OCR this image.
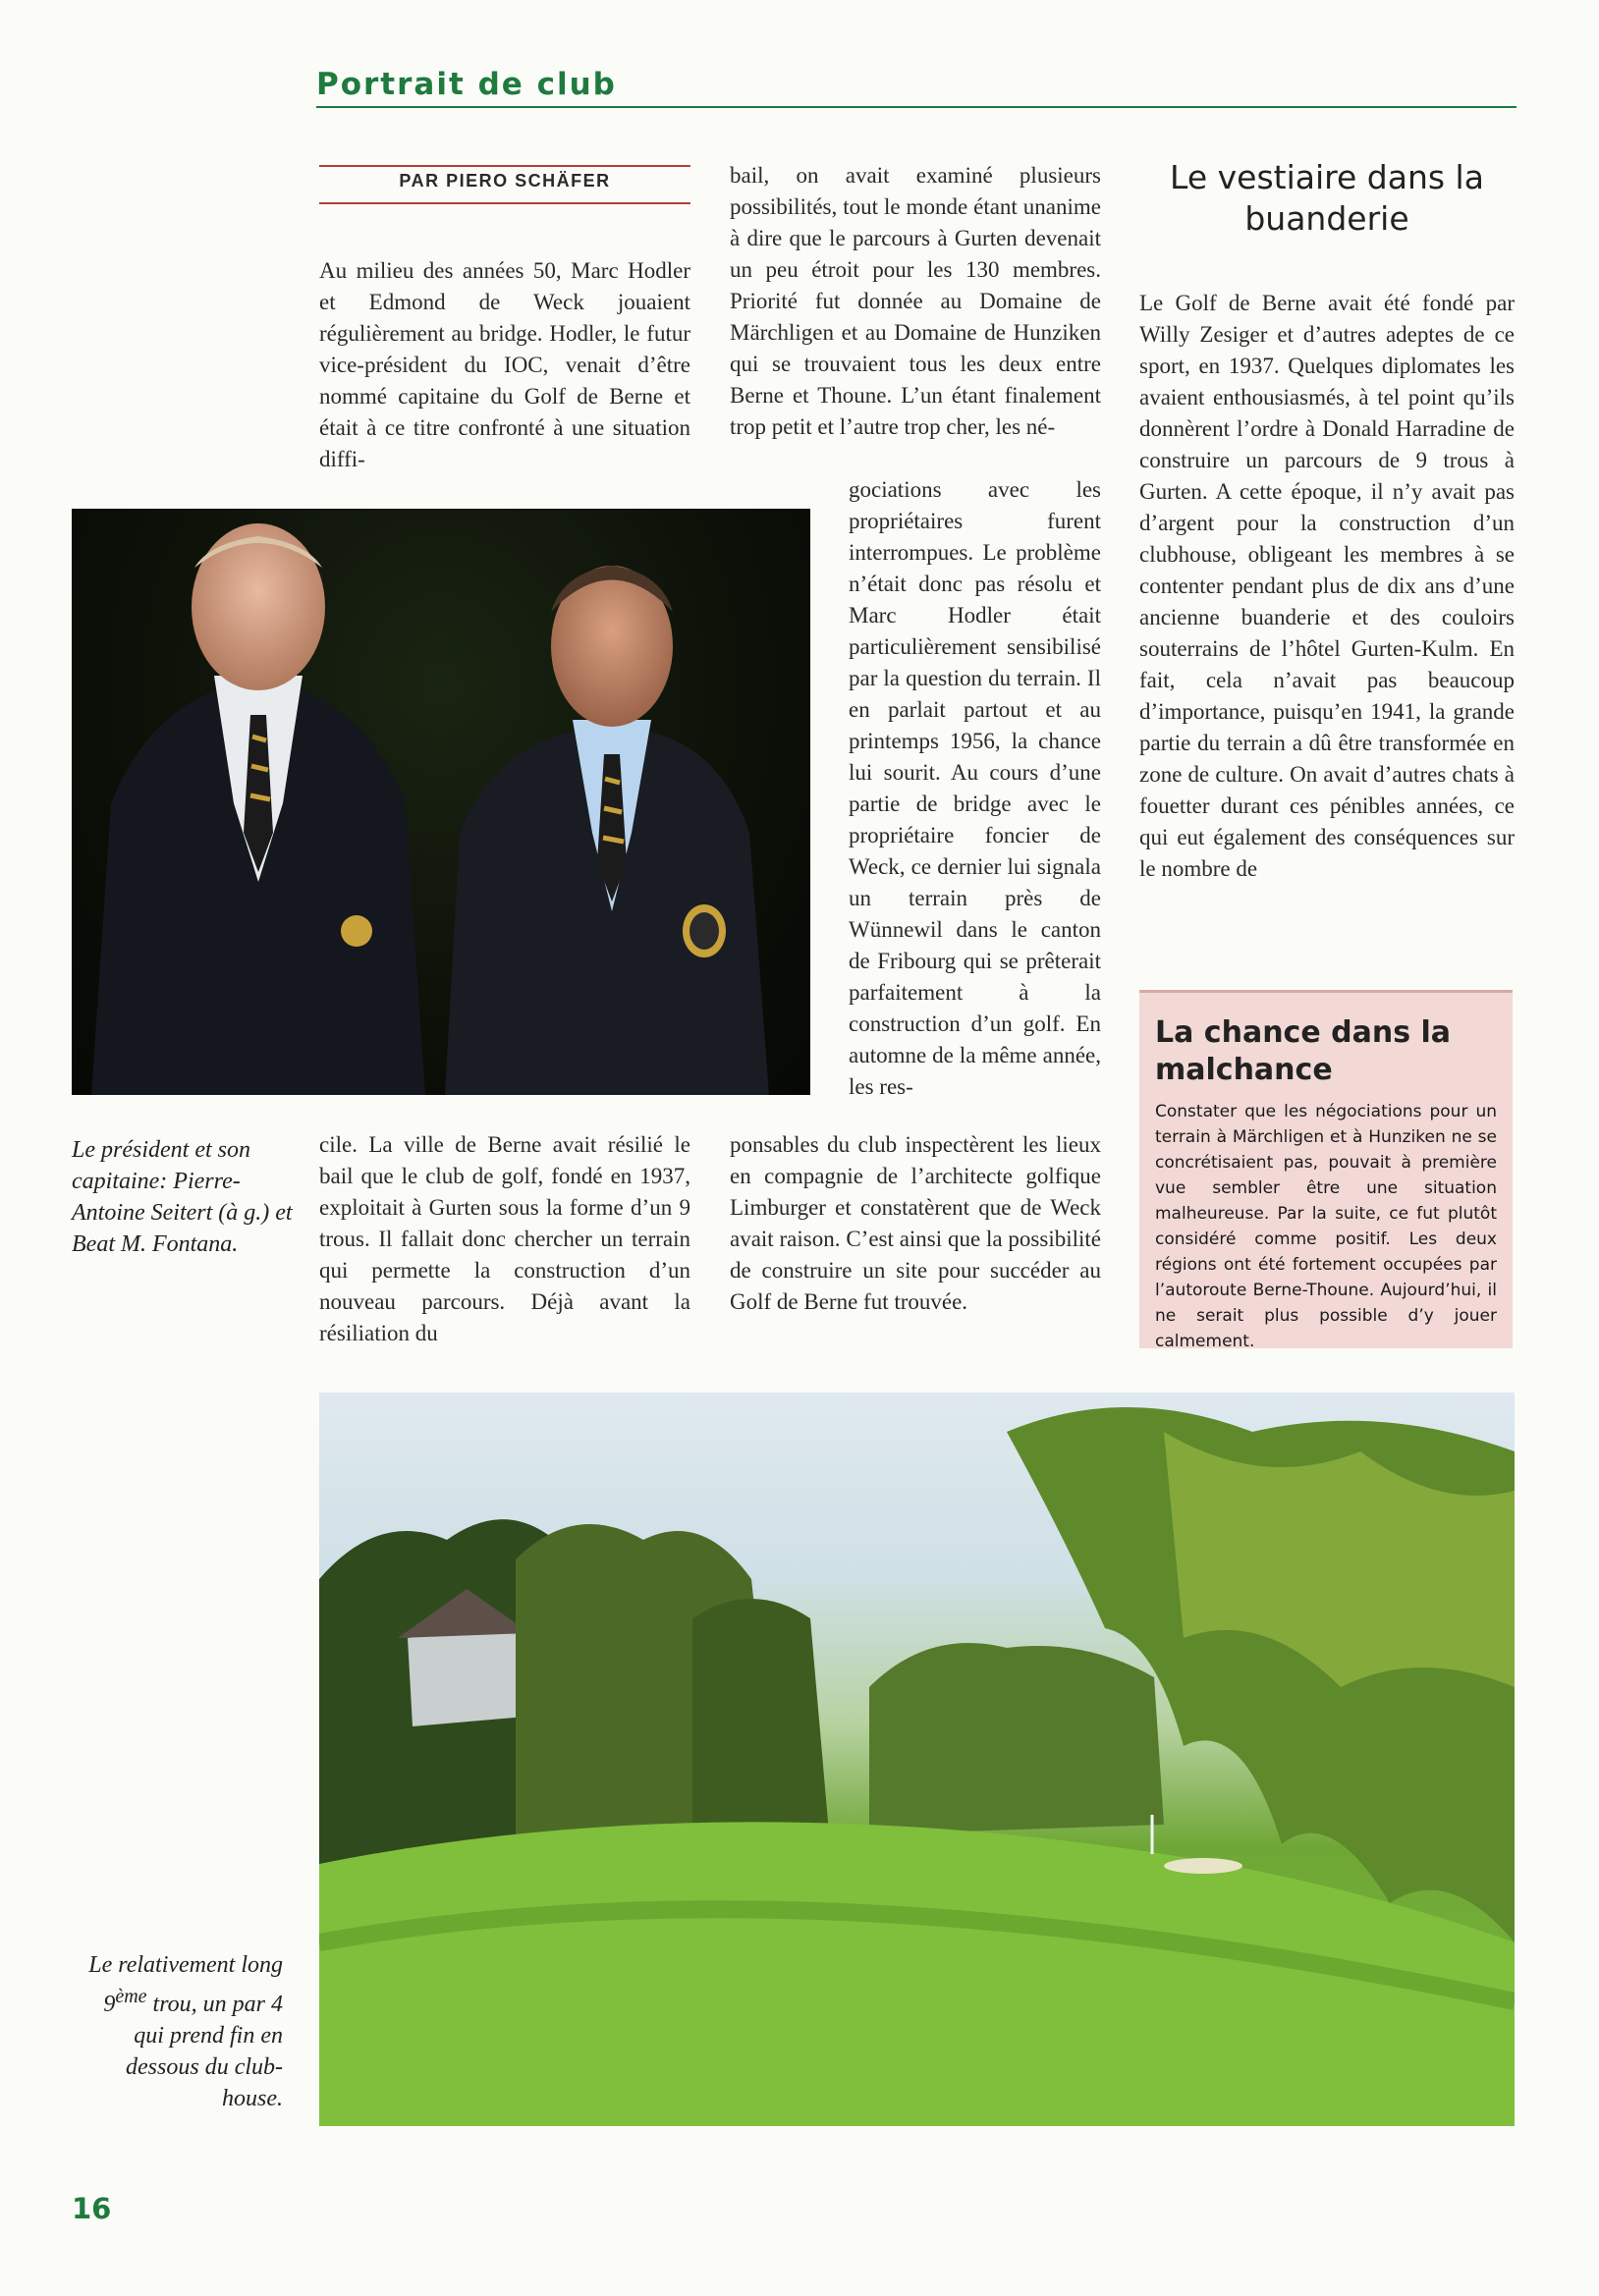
Portrait de club
PAR PIERO SCHÄFER

Au milieu des années 50, Marc Hodler et Edmond de Weck jouaient régulièrement au bridge. Hodler, le futur vice-président du IOC, venait d’être nommé capitaine du Golf de Berne et était à ce titre confronté à une situation diffi-

Le président et son capitaine: Pierre-Antoine Seitert (à g.) et Beat M. Fontana.

cile. La ville de Berne avait résilié le bail que le club de golf, fondé en 1937, exploitait à Gurten sous la forme d’un 9 trous. Il fallait donc chercher un terrain qui permette la construction d’un nouveau parcours. Déjà avant la résiliation du

bail, on avait examiné plusieurs possibilités, tout le monde étant unanime à dire que le parcours à Gurten devenait un peu étroit pour les 130 membres. Priorité fut donnée au Domaine de Märchligen et au Domaine de Hunziken qui se trouvaient tous les deux entre Berne et Thoune. L’un étant finalement trop petit et l’autre trop cher, les né-

gociations avec les propriétaires furent interrompues. Le problème n’était donc pas résolu et Marc Hodler était particulièrement sensibilisé par la question du terrain. Il en parlait partout et au printemps 1956, la chance lui sourit. Au cours d’une partie de bridge avec le propriétaire foncier de Weck, ce dernier lui signala un terrain près de Wünnewil dans le canton de Fribourg qui se prêterait parfaitement à la construction d’un golf. En automne de la même année, les res-

ponsables du club inspectèrent les lieux en compagnie de l’architecte golfique Limburger et constatèrent que de Weck avait raison. C’est ainsi que la possibilité de construire un site pour succéder au Golf de Berne fut trouvée.

Le vestiaire dans la buanderie

Le Golf de Berne avait été fondé par Willy Zesiger et d’autres adeptes de ce sport, en 1937. Quelques diplomates les avaient enthousiasmés, à tel point qu’ils donnèrent l’ordre à Donald Harradine de construire un parcours de 9 trous à Gurten. A cette époque, il n’y avait pas d’argent pour la construction d’un clubhouse, obligeant les membres à se contenter pendant plus de dix ans d’une ancienne buanderie et des couloirs souterrains de l’hôtel Gurten-Kulm. En fait, cela n’avait pas beaucoup d’importance, puisqu’en 1941, la grande partie du terrain a dû être transformée en zone de culture. On avait d’autres chats à fouetter durant ces pénibles années, ce qui eut également des conséquences sur le nombre de

La chance dans la malchance

Constater que les négociations pour un terrain à Märchligen et à Hunziken ne se concrétisaient pas, pouvait à première vue sembler être une situation malheureuse. Par la suite, ce fut plutôt considéré comme positif. Les deux régions ont été fortement occupées par l’autoroute Berne-Thoune. Aujourd’hui, il ne serait plus possible d’y jouer calmement.

Le relativement long 9ème trou, un par 4 qui prend fin en dessous du club-house.
16
